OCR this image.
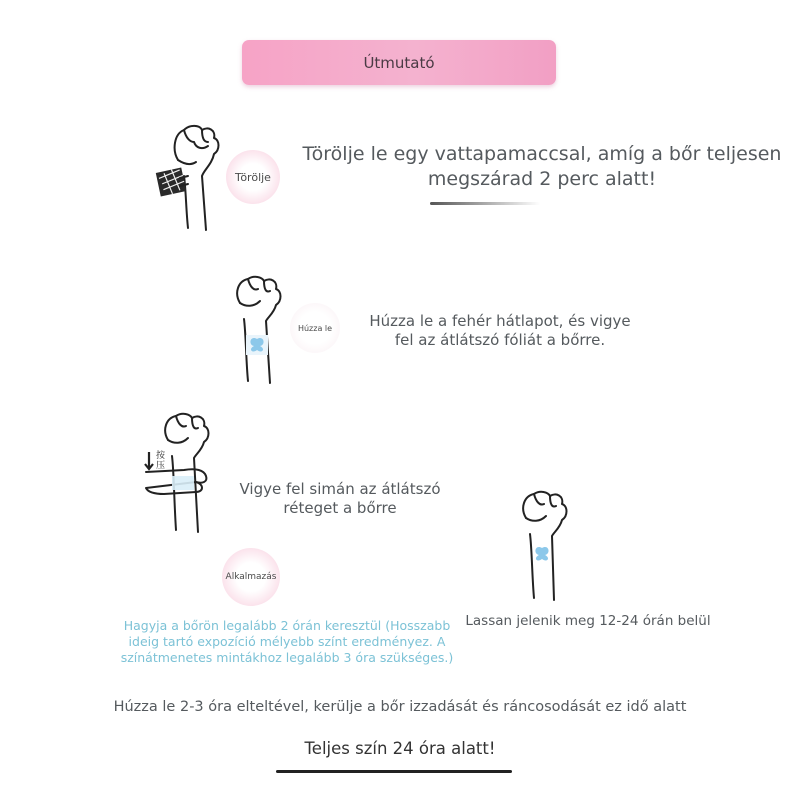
Útmutató
Törölje
Törölje le egy vattapamaccsal, amíg a bőr teljesen
megszárad 2 perc alatt!
Húzza le	Húzza le a fehér hátlapot, és vigye
fel az átlátszó fóliát a bőrre.
按
压
Vigye fel simán az átlátszó
réteget a bőrre
Alkalmazás
Hagyja a bőrön legalább 2 órán keresztül (Hosszabb
ideig tartó expozíció mélyebb színt eredményez. A
színátmenetes mintákhoz legalább 3 óra szükséges.)
Lassan jelenik meg 12-24 órán belül
Húzza le 2-3 óra elteltével, kerülje a bőr izzadását és ráncosodását ez idő alatt
Teljes szín 24 óra alatt!
